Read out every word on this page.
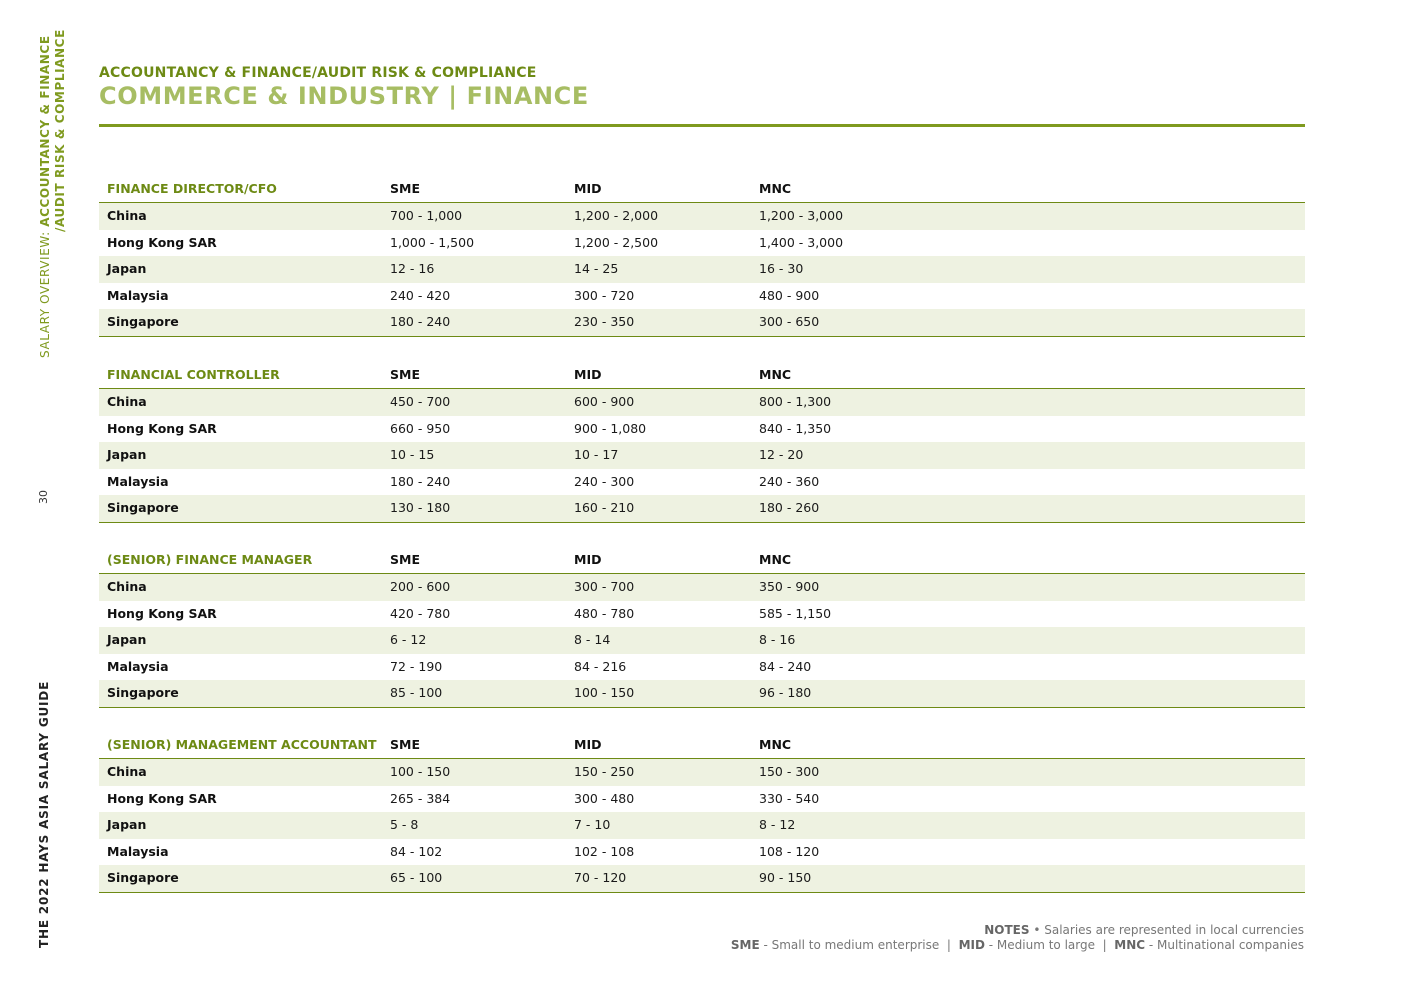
SALARY OVERVIEW: ACCOUNTANCY & FINANCE /AUDIT RISK & COMPLIANCE
30
THE 2022 HAYS ASIA SALARY GUIDE
ACCOUNTANCY & FINANCE/AUDIT RISK & COMPLIANCE
COMMERCE & INDUSTRY | FINANCE
FINANCE DIRECTOR/CFO	SME	MID	MNC
China	700 - 1,000	1,200 - 2,000	1,200 - 3,000
Hong Kong SAR	1,000 - 1,500	1,200 - 2,500	1,400 - 3,000
Japan	12 - 16	14 - 25	16 - 30
Malaysia	240 - 420	300 - 720	480 - 900
Singapore	180 - 240	230 - 350	300 - 650
FINANCIAL CONTROLLER	SME	MID	MNC
China	450 - 700	600 - 900	800 - 1,300
Hong Kong SAR	660 - 950	900 - 1,080	840 - 1,350
Japan	10 - 15	10 - 17	12 - 20
Malaysia	180 - 240	240 - 300	240 - 360
Singapore	130 - 180	160 - 210	180 - 260
(SENIOR) FINANCE MANAGER	SME	MID	MNC
China	200 - 600	300 - 700	350 - 900
Hong Kong SAR	420 - 780	480 - 780	585 - 1,150
Japan	6 - 12	8 - 14	8 - 16
Malaysia	72 - 190	84 - 216	84 - 240
Singapore	85 - 100	100 - 150	96 - 180
(SENIOR) MANAGEMENT ACCOUNTANT SME	MID	MNC
China	100 - 150	150 - 250	150 - 300
Hong Kong SAR	265 - 384	300 - 480	330 - 540
Japan	5 - 8	7 - 10	8 - 12
Malaysia	84 - 102	102 - 108	108 - 120
Singapore	65 - 100	70 - 120	90 - 150
NOTES • Salaries are represented in local currencies
SME - Small to medium enterprise  |  MID - Medium to large  |  MNC - Multinational companies
